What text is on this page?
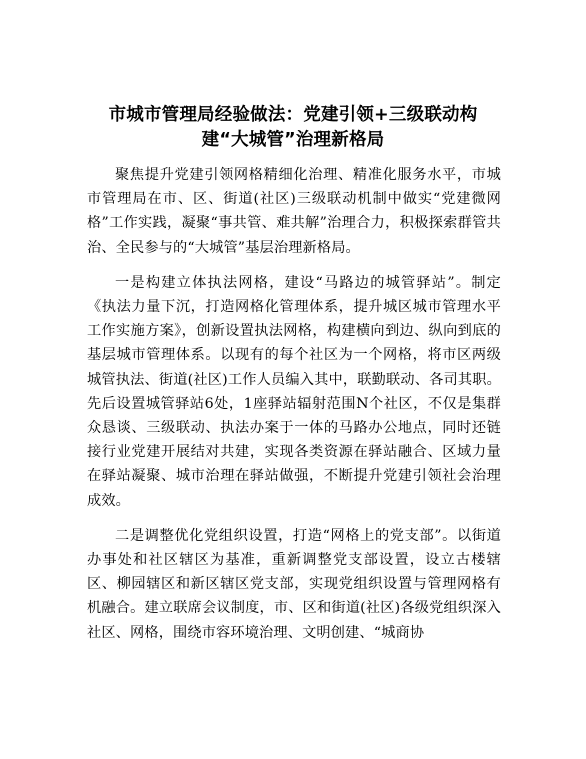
市城市管理局经验做法：党建引领+三级联动构
建“大城管”治理新格局

聚焦提升党建引领网格精细化治理、精准化服务水平，市城市管理局在市、区、街道(社区)三级联动机制中做实“党建微网格”工作实践，凝聚“事共管、难共解”治理合力，积极探索群管共治、全民参与的“大城管”基层治理新格局。

一是构建立体执法网格，建设“马路边的城管驿站”。制定《执法力量下沉，打造网格化管理体系，提升城区城市管理水平工作实施方案》，创新设置执法网格，构建横向到边、纵向到底的基层城市管理体系。以现有的每个社区为一个网格，将市区两级城管执法、街道(社区)工作人员编入其中，联勤联动、各司其职。先后设置城管驿站6处，1座驿站辐射范围N个社区，不仅是集群众恳谈、三级联动、执法办案于一体的马路办公地点，同时还链接行业党建开展结对共建，实现各类资源在驿站融合、区域力量在驿站凝聚、城市治理在驿站做强，不断提升党建引领社会治理成效。

二是调整优化党组织设置，打造“网格上的党支部”。以街道办事处和社区辖区为基准，重新调整党支部设置，设立古楼辖区、柳园辖区和新区辖区党支部，实现党组织设置与管理网格有机融合。建立联席会议制度，市、区和街道(社区)各级党组织深入社区、网格，围绕市容环境治理、文明创建、“城商协
